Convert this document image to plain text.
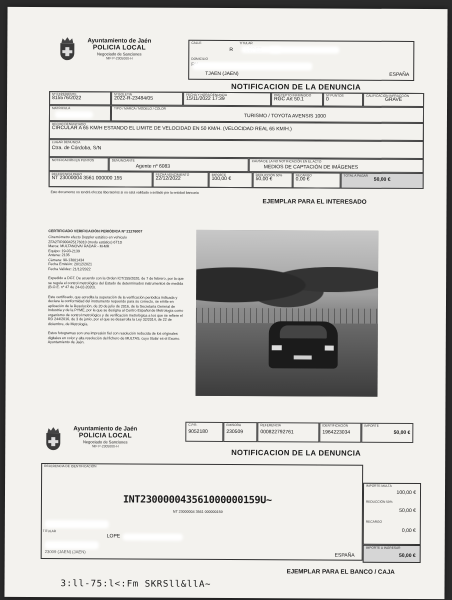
Ayuntamiento de Jaén
POLICIA LOCAL
Negociado de Sanciones
NIF P-2305000-H
CALLE	TITULAR
R
DOMICILIO
TJAEN (JAEN)	ESPAÑA
NOTIFICACION DE LA DENUNCIA
Nº EXPEDIENTE
815576/2022
Nº BOLETIN
2022-R-23484/05
FECHA Y HORA DENUNCIA
15/11/2022 17:39
PRECEPTO INFRINGIDO
RGC Art 50.1
Nº PUNTOS
0
CALIFICACIÓN INFRACCIÓN
GRAVE
MATRICULA	TIPO / MARCA / MODELO / COLOR
TURISMO / TOYOTA AVENSIS 1000
HECHO DENUNCIADO
CIRCULAR A 65 KM/H ESTANDO EL LIMITE DE VELOCIDAD EN 50 KM/H. (VELOCIDAD REAL 65 KM/H.)
LUGAR DENUNCIA
Ctra. de Córdoba, S/N
NOTIFICACIÓN EN PUNTOS	DENUNCIANTE
Agente nº 6083
CAUSA DE LA NO NOTIFICACIÓN EN EL ACTO
MEDIOS DE CAPTACIÓN DE IMÁGENES
REFERENCIA PAGO
NT 23000004 3561 000000 155
FECHA VENCIMIENTO
22/12/2022
IMPORTE
100,00 €
REDUCCIÓN 50%
50,00 €
RECARGO
0,00 €
TOTAL A PAGAR
50,00 €
Este documento no tendrá efectos liberatorios si no está validado o sellado por la entidad bancaria
EJEMPLAR PARA EL INTERESADO
CERTIFICADO VERIFICACIÓN PERIÓDICA Nº 21276007
Cinemómetro efecto Doppler estático en vehículo
ZFA2TIR000425176010 (modo estático) 6T1D
Marca: MULTANOVA/ RADAR - M-MR
Equipo: 19-03-2139
Antena: 2135
Cámara: 90-13001434
Fecha Emisión: 20/12/2021
Fecha Validez: 21/12/2022
Expedido a DGT. De acuerdo con la Orden ICT/155/2020, de 7 de febrero, por la que se regula el control metrológico del Estado de determinados instrumentos de medida (B.O.E. nº 47 de 24-02-2020).
Este certificado, que acredita la superación de la verificación periódica indicada y declara la conformidad del instrumento requerido para su correcto, se emite en aplicación de la Resolución, de 20 de julio de 2016, de la Secretaría General de Industria y de la PYME, por la que se designa al Centro Español de Metrología como organismo de control metrológico y de verificación metrológica a los que se refiere el RD 244/2016, de 3 de junio, por el que se desarrolla la Ley 32/2014, de 22 de diciembre, de Metrología.
Estos fotogramas son una impresión fiel con resolución reducida de los originales digitales en color y alta resolución del fichero de MULTAS, cuyo titular es el Excmo. Ayuntamiento de Jaén.
Ayuntamiento de Jaén
POLICIA LOCAL
Negociado de Sanciones
NIF P-2305000-H
C.P.R.
9052180
EMISORA
230509
REFERENCIA
000822792761
IDENTIFICACIÓN
1964223034
IMPORTE
50,00 €
NOTIFICACION DE LA DENUNCIA
REFERENCIA DE IDENTIFICACIÓN
INT230000043561000000159U~
NT 23000004 3561 000000159
TITULAR
LOPE
23009 (JAEN) (JAEN)
ESPAÑA
IMPORTE MULTA
100,00 €
REDUCCIÓN 50%
50,00 €
RECARGO
0,00 €
IMPORTE A INGRESAR
50,00 €
EJEMPLAR PARA EL BANCO / CAJA
3:ll-75:l<:Fm SKRSll&llA~
